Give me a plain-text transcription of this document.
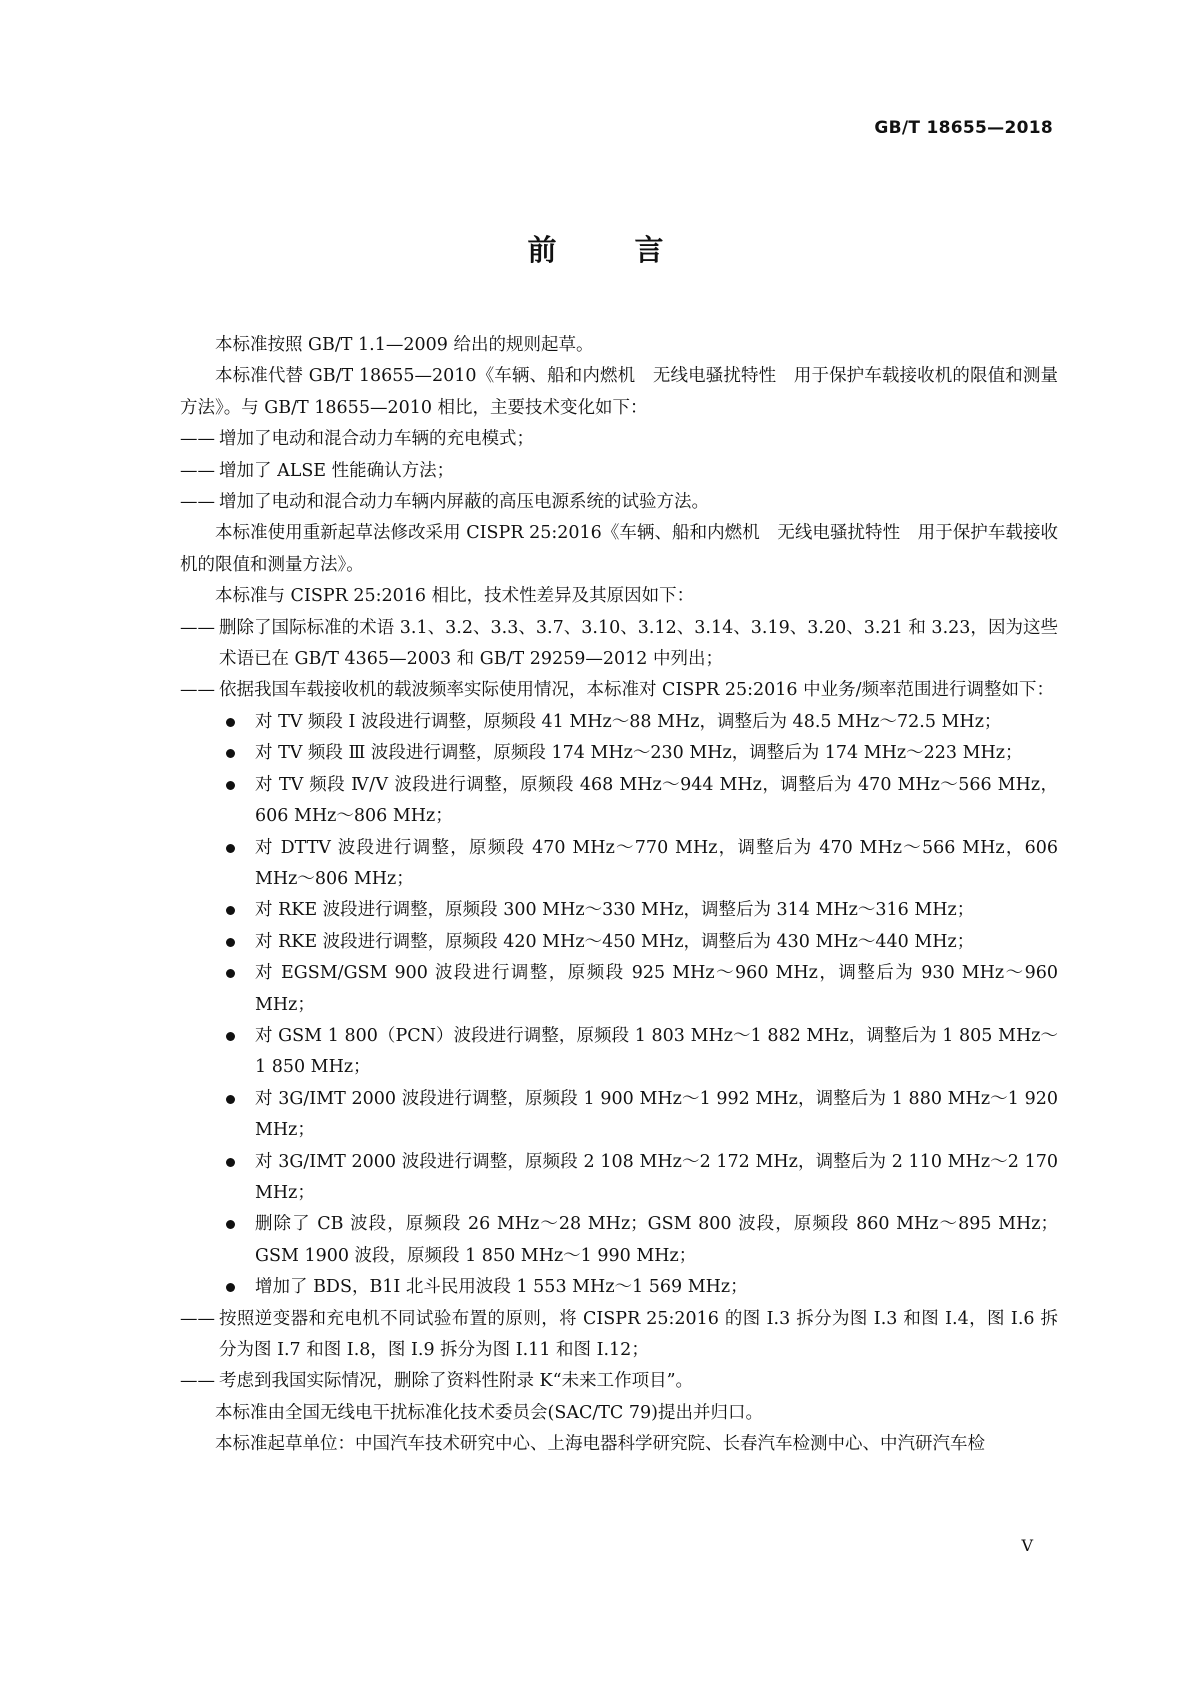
GB/T 18655—2018
前 言
本标准按照 GB/T 1.1—2009 给出的规则起草。
本标准代替 GB/T 18655—2010《车辆、船和内燃机　无线电骚扰特性　用于保护车载接收机的限值和测量方法》。与 GB/T 18655—2010 相比，主要技术变化如下：
—— 增加了电动和混合动力车辆的充电模式；
—— 增加了 ALSE 性能确认方法；
—— 增加了电动和混合动力车辆内屏蔽的高压电源系统的试验方法。
本标准使用重新起草法修改采用 CISPR 25:2016《车辆、船和内燃机　无线电骚扰特性　用于保护车载接收机的限值和测量方法》。
本标准与 CISPR 25:2016 相比，技术性差异及其原因如下：
—— 删除了国际标准的术语 3.1、3.2、3.3、3.7、3.10、3.12、3.14、3.19、3.20、3.21 和 3.23，因为这些术语已在 GB/T 4365—2003 和 GB/T 29259—2012 中列出；
—— 依据我国车载接收机的载波频率实际使用情况，本标准对 CISPR 25:2016 中业务/频率范围进行调整如下：
对 TV 频段 Ⅰ 波段进行调整，原频段 41 MHz～88 MHz，调整后为 48.5 MHz～72.5 MHz；
对 TV 频段 Ⅲ 波段进行调整，原频段 174 MHz～230 MHz，调整后为 174 MHz～223 MHz；
对 TV 频段 Ⅳ/Ⅴ 波段进行调整，原频段 468 MHz～944 MHz，调整后为 470 MHz～566 MHz，606 MHz～806 MHz；
对 DTTV 波段进行调整，原频段 470 MHz～770 MHz，调整后为 470 MHz～566 MHz，606 MHz～806 MHz；
对 RKE 波段进行调整，原频段 300 MHz～330 MHz，调整后为 314 MHz～316 MHz；
对 RKE 波段进行调整，原频段 420 MHz～450 MHz，调整后为 430 MHz～440 MHz；
对 EGSM/GSM 900 波段进行调整，原频段 925 MHz～960 MHz，调整后为 930 MHz～960 MHz；
对 GSM 1 800（PCN）波段进行调整，原频段 1 803 MHz～1 882 MHz，调整后为 1 805 MHz～1 850 MHz；
对 3G/IMT 2000 波段进行调整，原频段 1 900 MHz～1 992 MHz，调整后为 1 880 MHz～1 920 MHz；
对 3G/IMT 2000 波段进行调整，原频段 2 108 MHz～2 172 MHz，调整后为 2 110 MHz～2 170 MHz；
删除了 CB 波段，原频段 26 MHz～28 MHz；GSM 800 波段，原频段 860 MHz～895 MHz；GSM 1900 波段，原频段 1 850 MHz～1 990 MHz；
增加了 BDS，B1I 北斗民用波段 1 553 MHz～1 569 MHz；
—— 按照逆变器和充电机不同试验布置的原则，将 CISPR 25:2016 的图 I.3 拆分为图 I.3 和图 I.4，图 I.6 拆分为图 I.7 和图 I.8，图 I.9 拆分为图 I.11 和图 I.12；
—— 考虑到我国实际情况，删除了资料性附录 K“未来工作项目”。
本标准由全国无线电干扰标准化技术委员会(SAC/TC 79)提出并归口。
本标准起草单位：中国汽车技术研究中心、上海电器科学研究院、长春汽车检测中心、中汽研汽车检
V
